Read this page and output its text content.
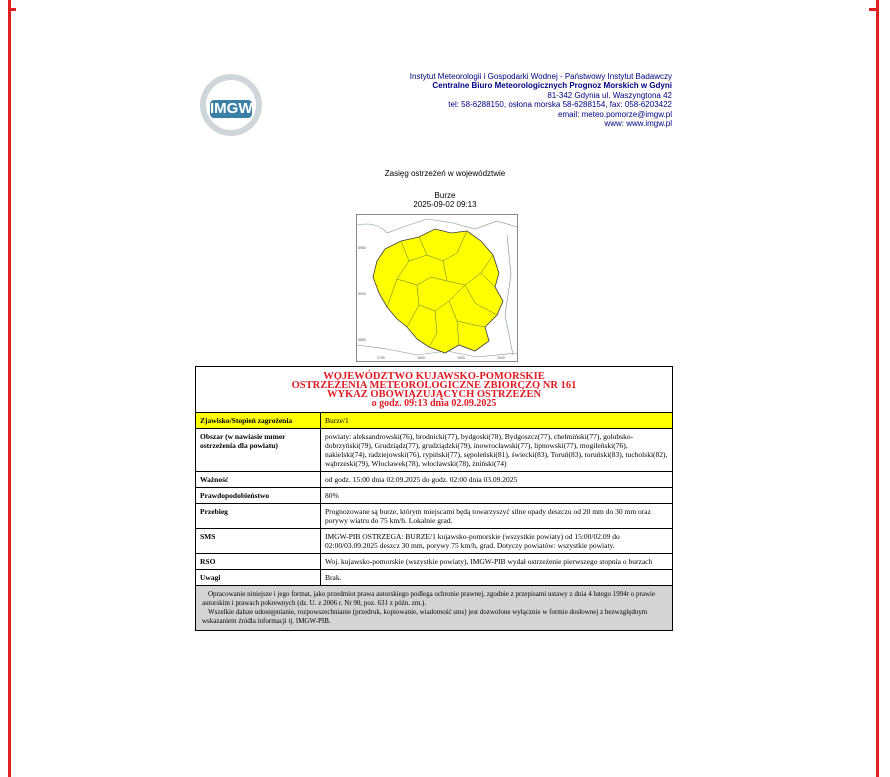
IMGW
Instytut Meteorologii i Gospodarki Wodnej - Państwowy Instytut Badawczy
Centralne Biuro Meteorologicznych Prognoz Morskich w Gdyni
81-342 Gdynia ul. Waszyngtona 42
tel: 58-6288150, osłona morska 58-6288154, fax: 058-6203422
email: meteo.pomorze@imgw.pl
www: www.imgw.pl
Zasięg ostrzeżeń w województwie
Burze
2025-09-02 09:13
5950
5900
5850
1700	1800	1900	2000
WOJEWÓDZTWO KUJAWSKO-POMORSKIE
OSTRZEŻENIA METEOROLOGICZNE ZBIORCZO NR 161
WYKAZ OBOWIĄZUJĄCYCH OSTRZEŻEŃ
o godz. 09:13 dnia 02.09.2025	

Zjawisko/Stopień zagrożenia	Burze/1
Obszar (w nawiasie numer ostrzeżenia dla powiatu)	powiaty: aleksandrowski(76), brodnicki(77), bydgoski(78), Bydgoszcz(77), chełmiński(77), golubsko-dobrzyński(79), Grudziądz(77), grudziądzki(79), inowrocławski(77), lipnowski(77), mogileński(76), nakielski(74), radziejowski(76), rypiński(77), sępoleński(81), świecki(83), Toruń(83), toruński(83), tucholski(82), wąbrzeski(79), Włocławek(78), włocławski(78), żniński(74)
Ważność	od godz. 15:00 dnia 02.09.2025 do godz. 02:00 dnia 03.09.2025
Prawdopodobieństwo	80%
Przebieg	Prognozowane są burze, którym miejscami będą towarzyszyć silne opady deszczu od 20 mm do 30 mm oraz porywy wiatru do 75 km/h. Lokalnie grad.
SMS	IMGW-PIB OSTRZEGA: BURZE/1 kujawsko-pomorskie (wszystkie powiaty) od 15:00/02.09 do 02:00/03.09.2025 deszcz 30 mm, porywy 75 km/h, grad. Dotyczy powiatów: wszystkie powiaty.
RSO	Woj. kujawsko-pomorskie (wszystkie powiaty), IMGW-PIB wydał ostrzeżenie pierwszego stopnia o burzach
Uwagi	Brak.

Opracowanie niniejsze i jego format, jako przedmiot prawa autorskiego podlega ochronie prawnej, zgodnie z przepisami ustawy z dnia 4 lutego 1994r o prawie autorskim i prawach pokrewnych (dz. U. z 2006 r. Nr 90, poz. 631 z późn. zm.).
Wszelkie dalsze udostępnianie, rozpowszechnianie (przedruk, kopiowanie, wiadomość sms) jest dozwolone wyłącznie w formie dosłownej z bezwzględnym wskazaniem źródła informacji tj. IMGW-PIB.	
